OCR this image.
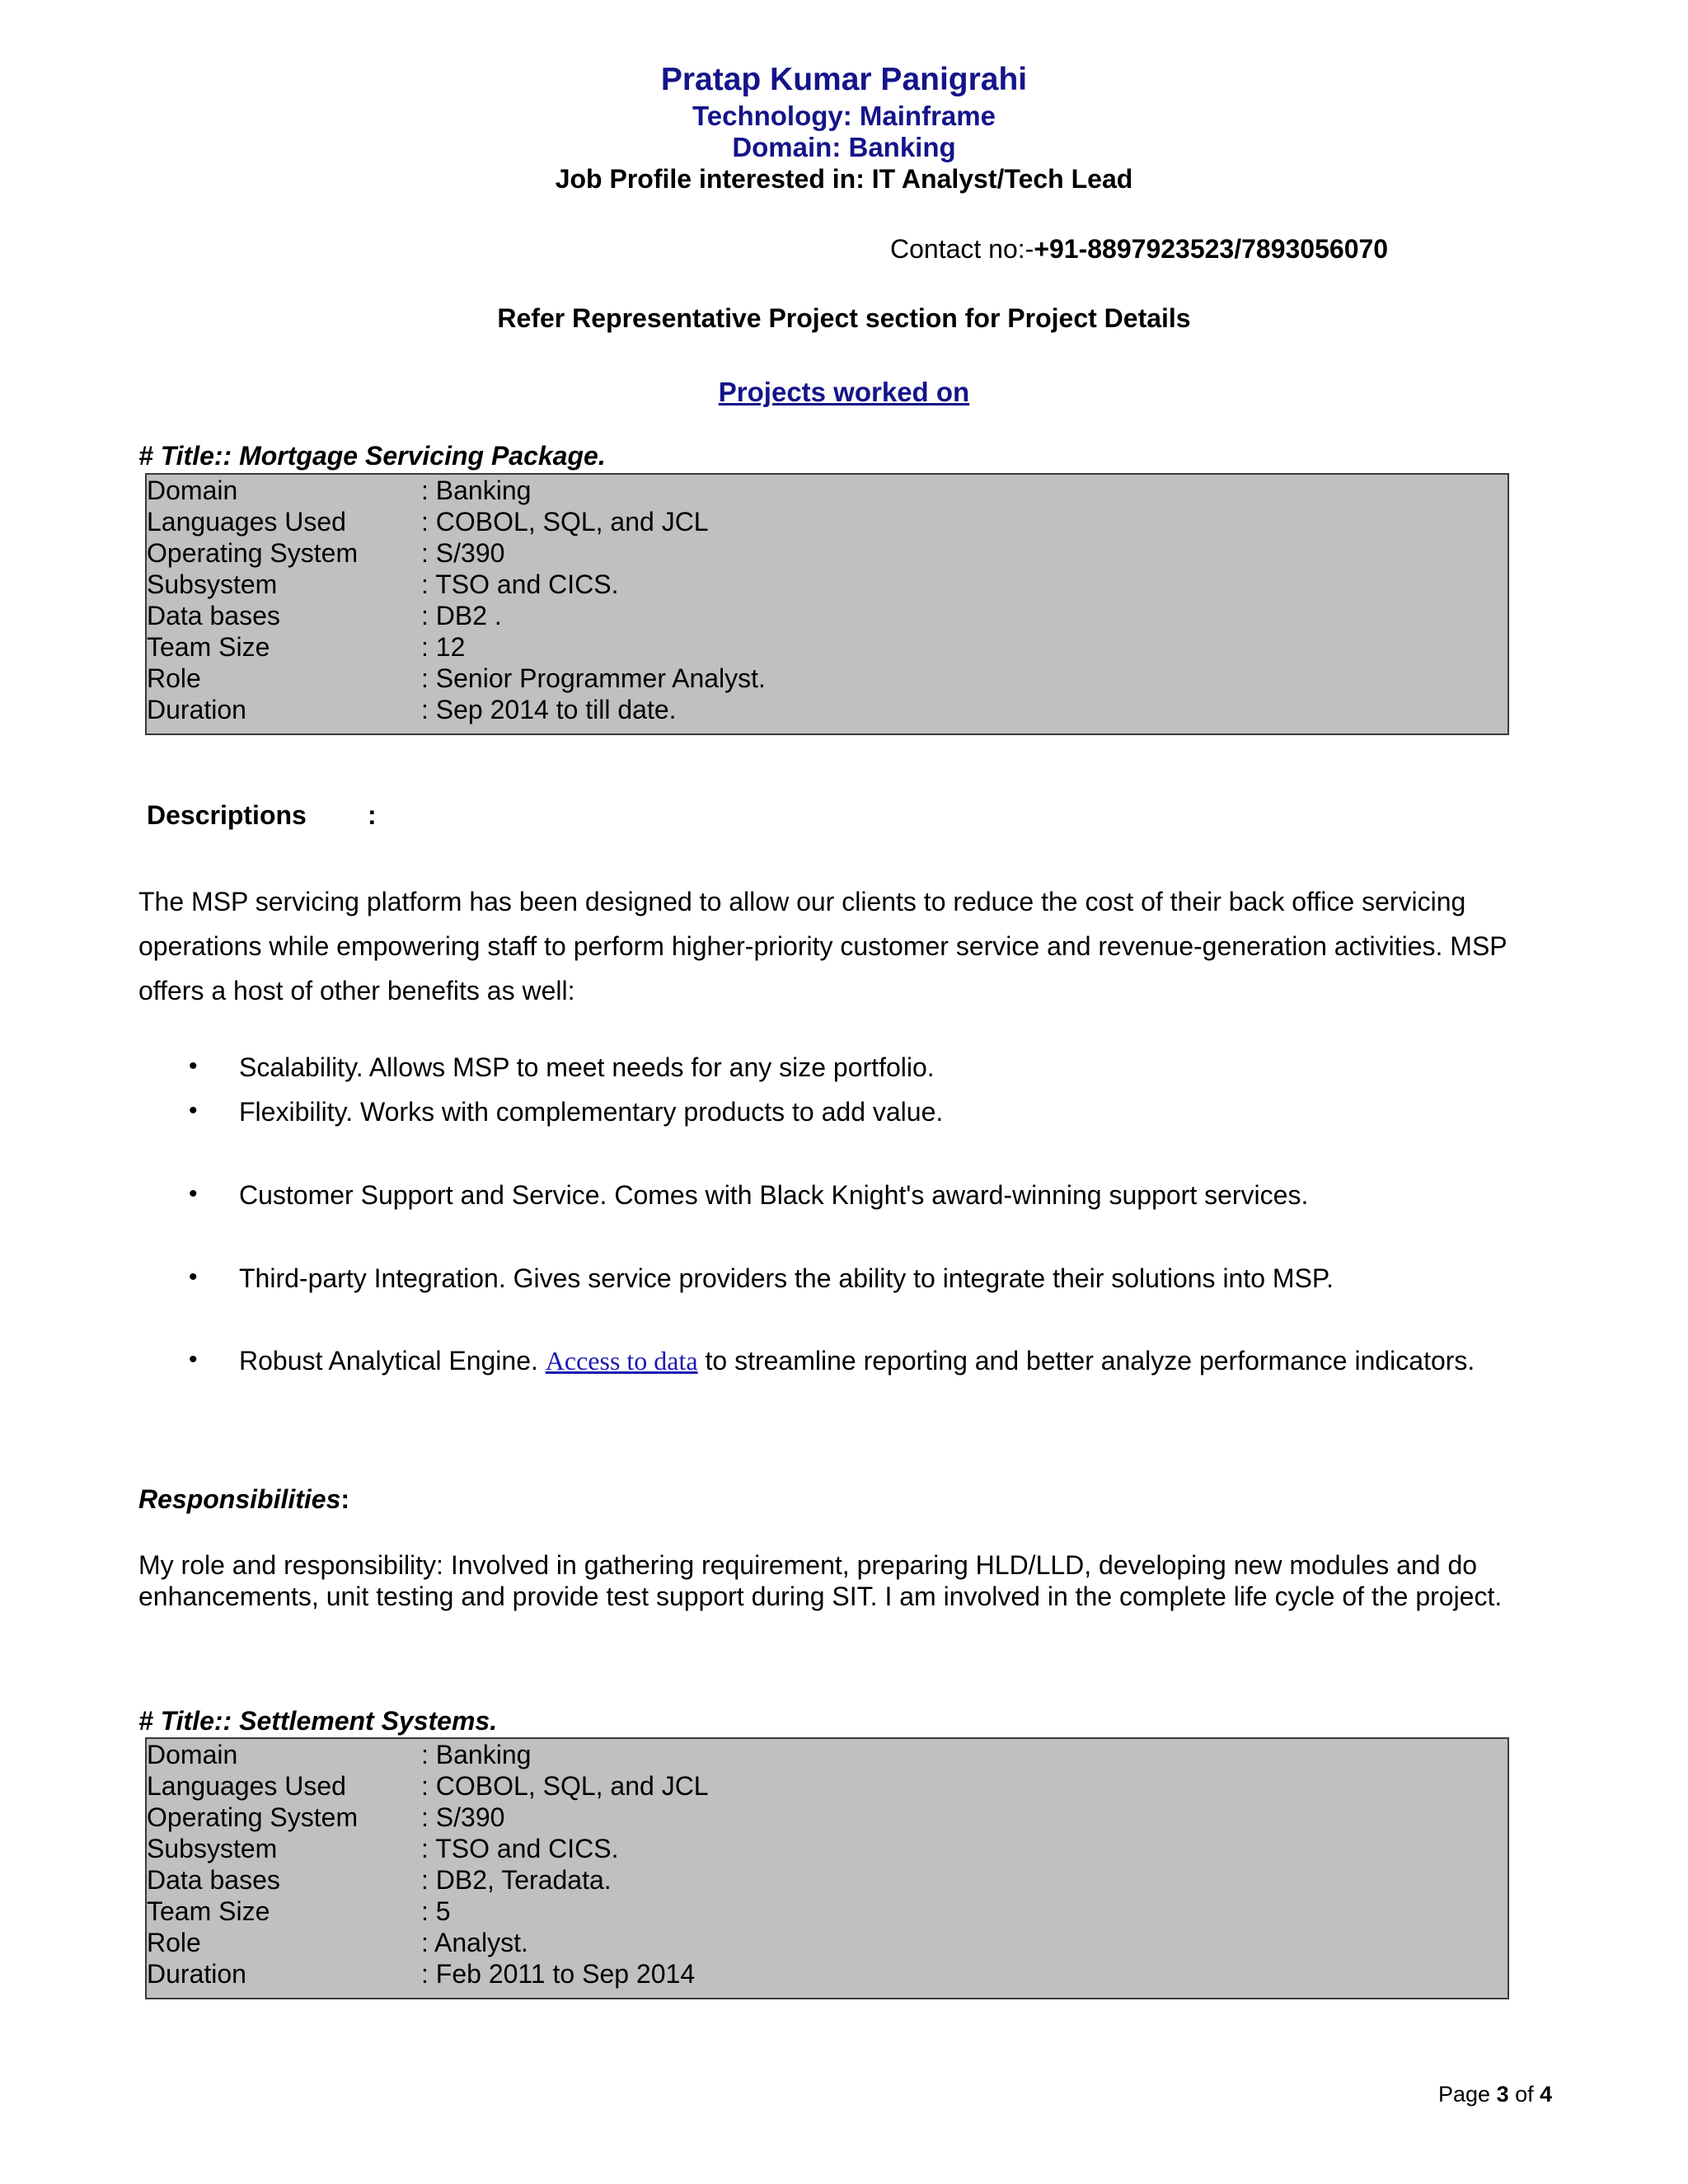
Pratap Kumar Panigrahi
Technology: Mainframe
Domain: Banking
Job Profile interested in: IT Analyst/Tech Lead
Contact no:-+91-8897923523/7893056070
Refer Representative Project section for Project Details
Projects worked on
# Title:: Mortgage Servicing Package.
Domain	: Banking
Languages Used	: COBOL, SQL, and JCL
Operating System : S/390
Subsystem	: TSO and CICS.
Data bases	: DB2 .
Team Size	: 12
Role	: Senior Programmer Analyst.
Duration	: Sep 2014 to till date.
Descriptions :
The MSP servicing platform has been designed to allow our clients to reduce the cost of their back office servicing operations while empowering staff to perform higher-priority customer service and revenue-generation activities. MSP offers a host of other benefits as well:
• Scalability. Allows MSP to meet needs for any size portfolio.
• Flexibility. Works with complementary products to add value.
• Customer Support and Service. Comes with Black Knight's award-winning support services.
• Third-party Integration. Gives service providers the ability to integrate their solutions into MSP.
• Robust Analytical Engine. Access to data to streamline reporting and better analyze performance indicators.
Responsibilities:
My role and responsibility: Involved in gathering requirement, preparing HLD/LLD, developing new modules and do enhancements, unit testing and provide test support during SIT. I am involved in the complete life cycle of the project.
# Title:: Settlement Systems.
Domain	: Banking
Languages Used	: COBOL, SQL, and JCL
Operating System : S/390
Subsystem	: TSO and CICS.
Data bases	: DB2, Teradata.
Team Size	: 5
Role	: Analyst.
Duration	: Feb 2011 to Sep 2014
Page 3 of 4
